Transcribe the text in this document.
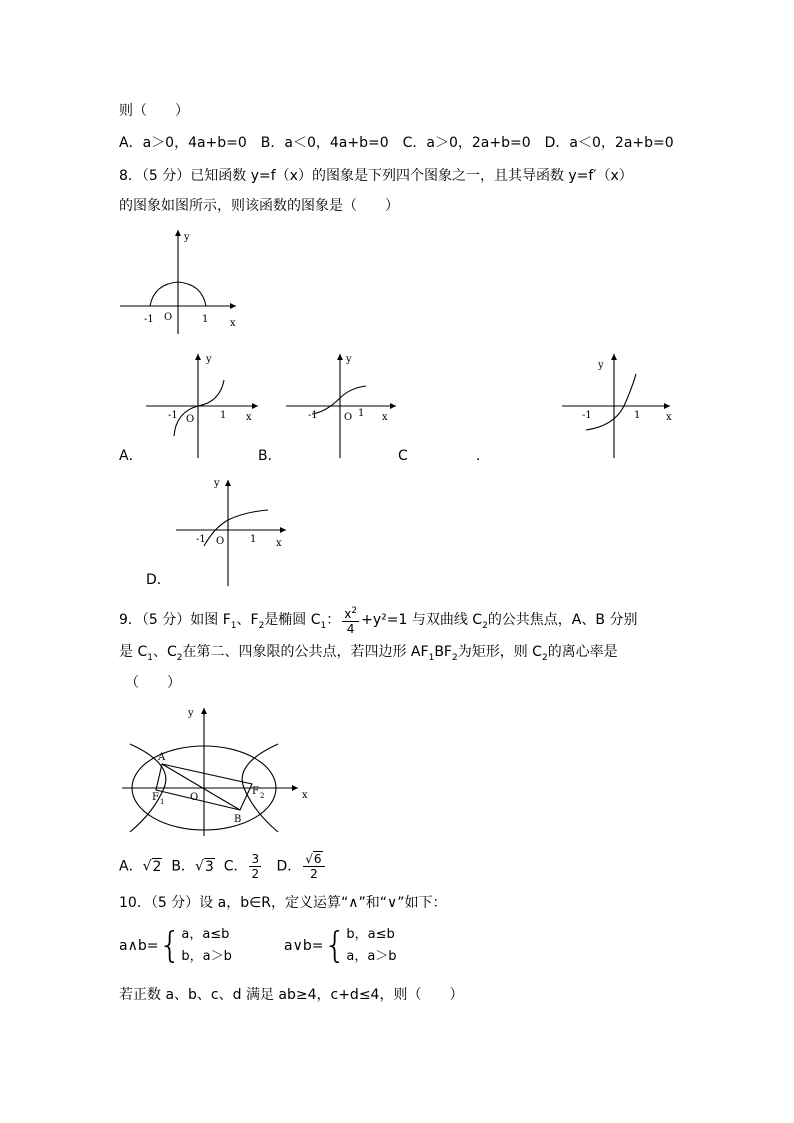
则（　　）
A．a＞0，4a+b=0　B．a＜0，4a+b=0　C．a＞0，2a+b=0　D．a＜0，2a+b=0
8．（5 分）已知函数 y=f（x）的图象是下列四个图象之一，且其导函数 y=f′（x）
的图象如图所示，则该函数的图象是（　　）
y
x
-1 O	1
y
x
-1 O	1
y
x
-1	O 1
y
x
-1	1
A．	B．	C	．
y
x
-1 O	1
D．
9．（5 分）如图 $F_1$、$F_2$是椭圆 $C_1$： $\frac{x^2}{4} +y^2=1$ 与双曲线 $C_2$的公共焦点，A、B 分别
是 $C_1$、$C_2$在第二、四象限的公共点，若四边形 $AF_1BF_2$为矩形，则 $C_2$的离心率是
（　　）
A
B
F 1
F 2
O	x
y
A．√2 B．√3 C． $\frac{3}{2}$ D． $\frac{√6}{2}$
10．（5 分）设 a，b∈R，定义运算“∧”和“∨”如下：
a∧b={a，a≤b
b，a＞b
a∨b={b，a≤b
a，a＞b
若正数 a、b、c、d 满足 ab≥4，c+d≤4，则（　　）
